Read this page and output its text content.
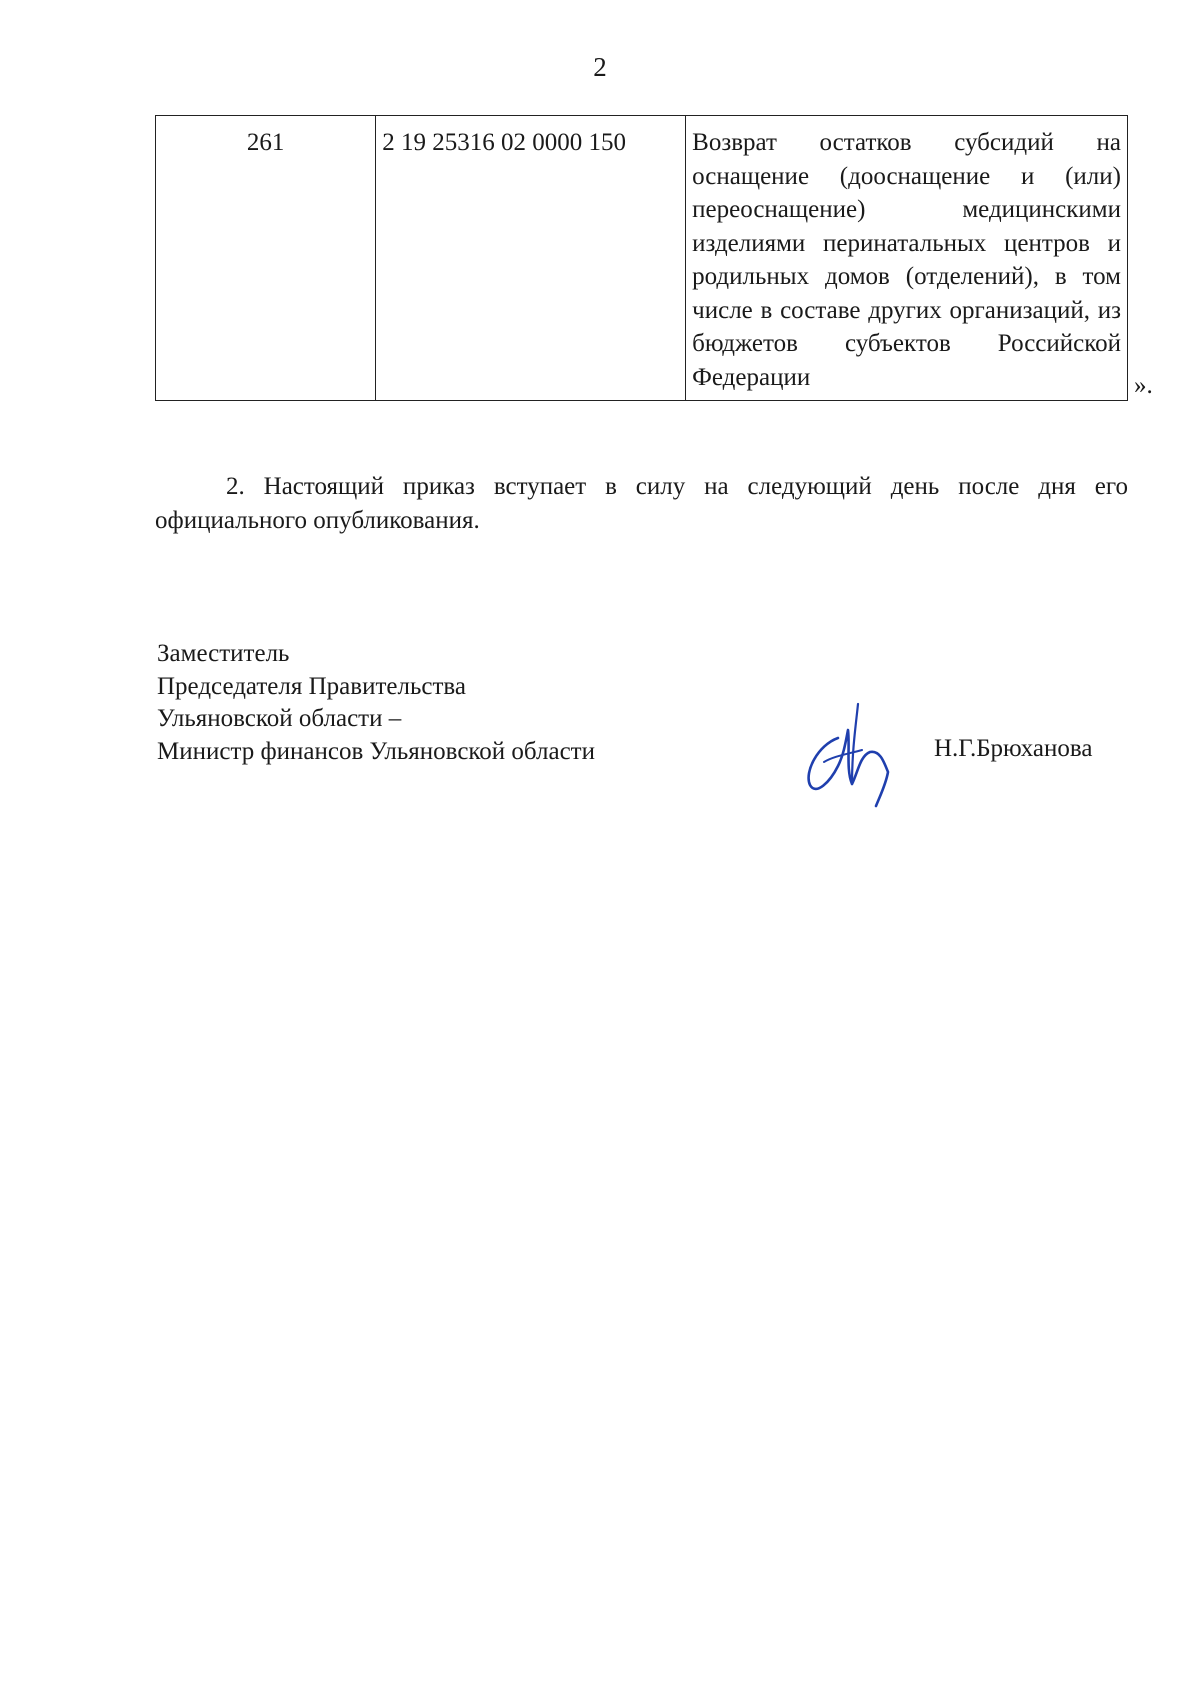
2
261	2 19 25316 02 0000 150	Возврат остатков субсидий на оснащение (дооснащение и (или) переоснащение) медицинскими изделиями перинатальных центров и родильных домов (отделений), в том числе в составе других организаций, из бюджетов субъектов Российской Федерации	».
2. Настоящий приказ вступает в силу на следующий день после дня его официального опубликования.
Заместитель
Председателя Правительства
Ульяновской области –
Министр финансов Ульяновской области	Н.Г.Брюханова
